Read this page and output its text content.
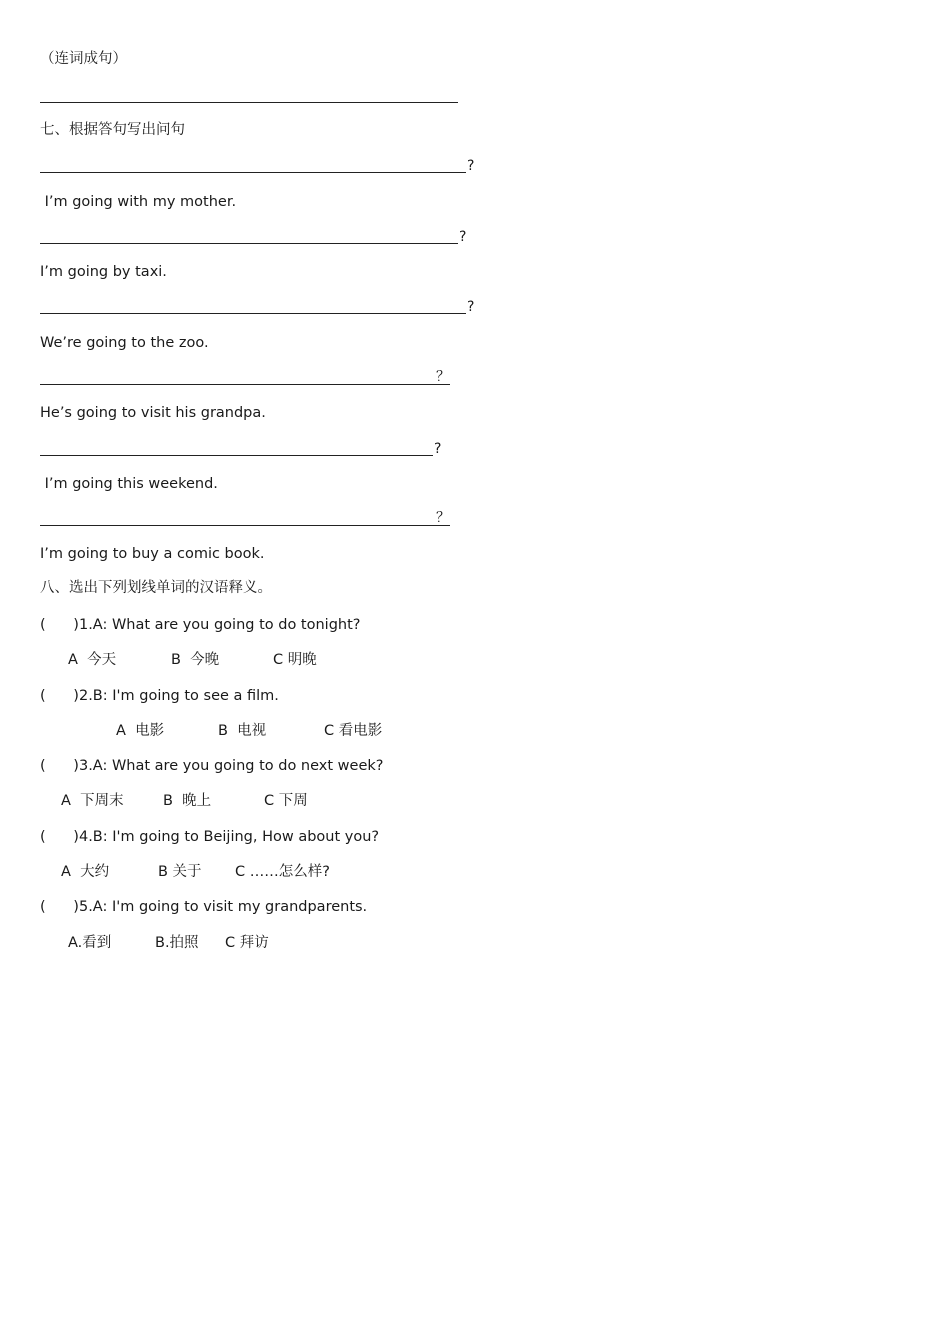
（连词成句）
七、根据答句写出问句
?
I’m going with my mother.
?
I’m going by taxi.
?
We’re going to the zoo.
？
He’s going to visit his grandpa.
?
I’m going this weekend.
？
I’m going to buy a comic book.
八、选出下列划线单词的汉语释义。
(      )1.A: What are you going to do tonight?
A  今天	B  今晚	C 明晚
(      )2.B: I'm going to see a film.
A  电影	B  电视	C 看电影
(      )3.A: What are you going to do next week?
A  下周末	B  晚上	C 下周
(      )4.B: I'm going to Beijing, How about you?
A  大约	B 关于 C ……怎么样?
(      )5.A: I'm going to visit my grandparents.
A.看到	B.拍照 C 拜访
